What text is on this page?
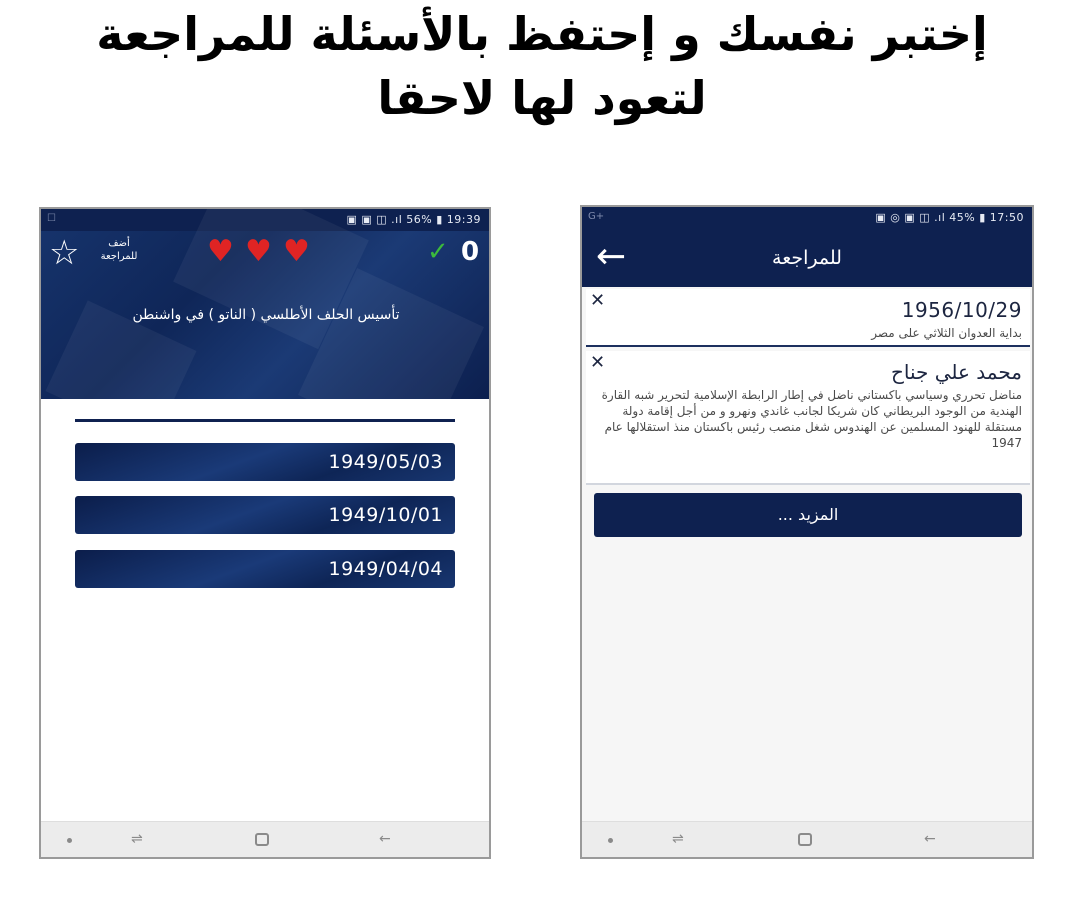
إختبر نفسك و إحتفظ بالأسئلة للمراجعة
لتعود لها لاحقا
☐	▣ ▣ ◫ .ıl 56% ▮ 19:39
☆	أضف للمراجعة	♥ ♥ ♥	✓ 0
تأسيس الحلف الأطلسي ( الناتو ) في واشنطن
1949/05/03
1949/10/01
1949/04/04
⇌	←
G+	▣ ◎ ▣ ◫ .ıl 45% ▮ 17:50
←	للمراجعة
✕	1956/10/29
بداية العدوان الثلاثي على مصر
✕	محمد علي جناح
مناضل تحرري وسياسي باكستاني ناضل في إطار الرابطة الإسلامية لتحرير شبه القارة الهندية من الوجود البريطاني كان شريكا لجانب غاندي ونهرو و من أجل إقامة دولة مستقلة للهنود المسلمين عن الهندوس شغل منصب رئيس باكستان منذ استقلالها عام 1947
المزيد ...
⇌	←
